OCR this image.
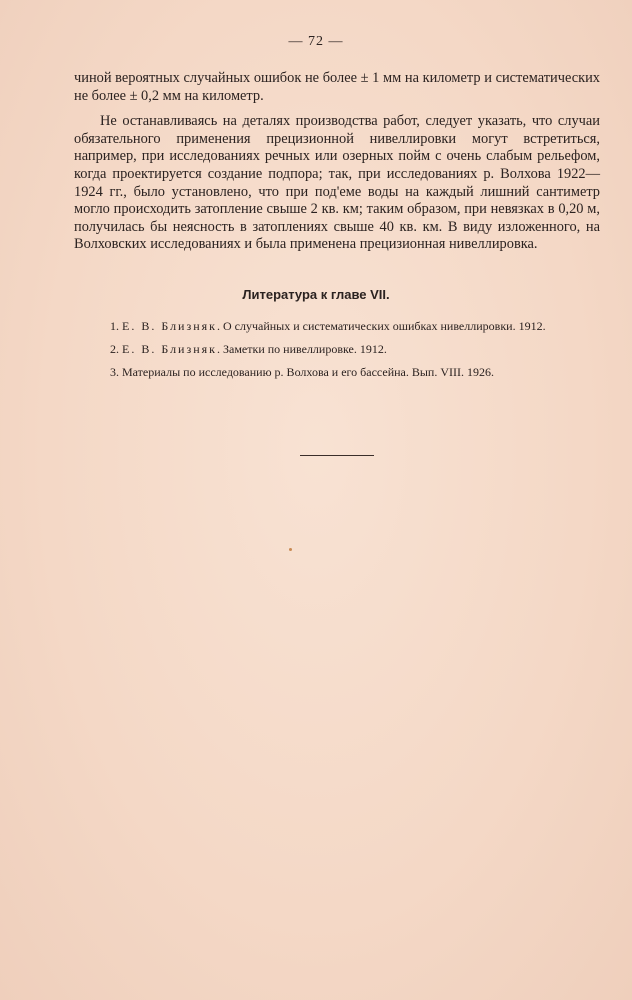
— 72 —

чиной вероятных случайных ошибок не более ± 1 мм на километр и систематических не более ± 0,2 мм на километр.

Не останавливаясь на деталях производства работ, следует указать, что случаи обязательного применения прецизионной нивеллировки могут встретиться, например, при исследованиях речных или озерных пойм с очень слабым рельефом, когда проектируется создание подпора; так, при исследованиях р. Волхова 1922—1924 гг., было установлено, что при под'еме воды на каждый лишний сантиметр могло происходить затопление свыше 2 кв. км; таким образом, при невязках в 0,20 м, получилась бы неясность в затоплениях свыше 40 кв. км. В виду изложенного, на Волховских исследованиях и была применена прецизионная нивеллировка.

Литература к главе VII.
1. Е. В. Близняк. О случайных и систематических ошибках нивеллировки. 1912.
2. Е. В. Близняк. Заметки по нивеллировке. 1912.
3. Материалы по исследованию р. Волхова и его бассейна. Вып. VIII. 1926.
